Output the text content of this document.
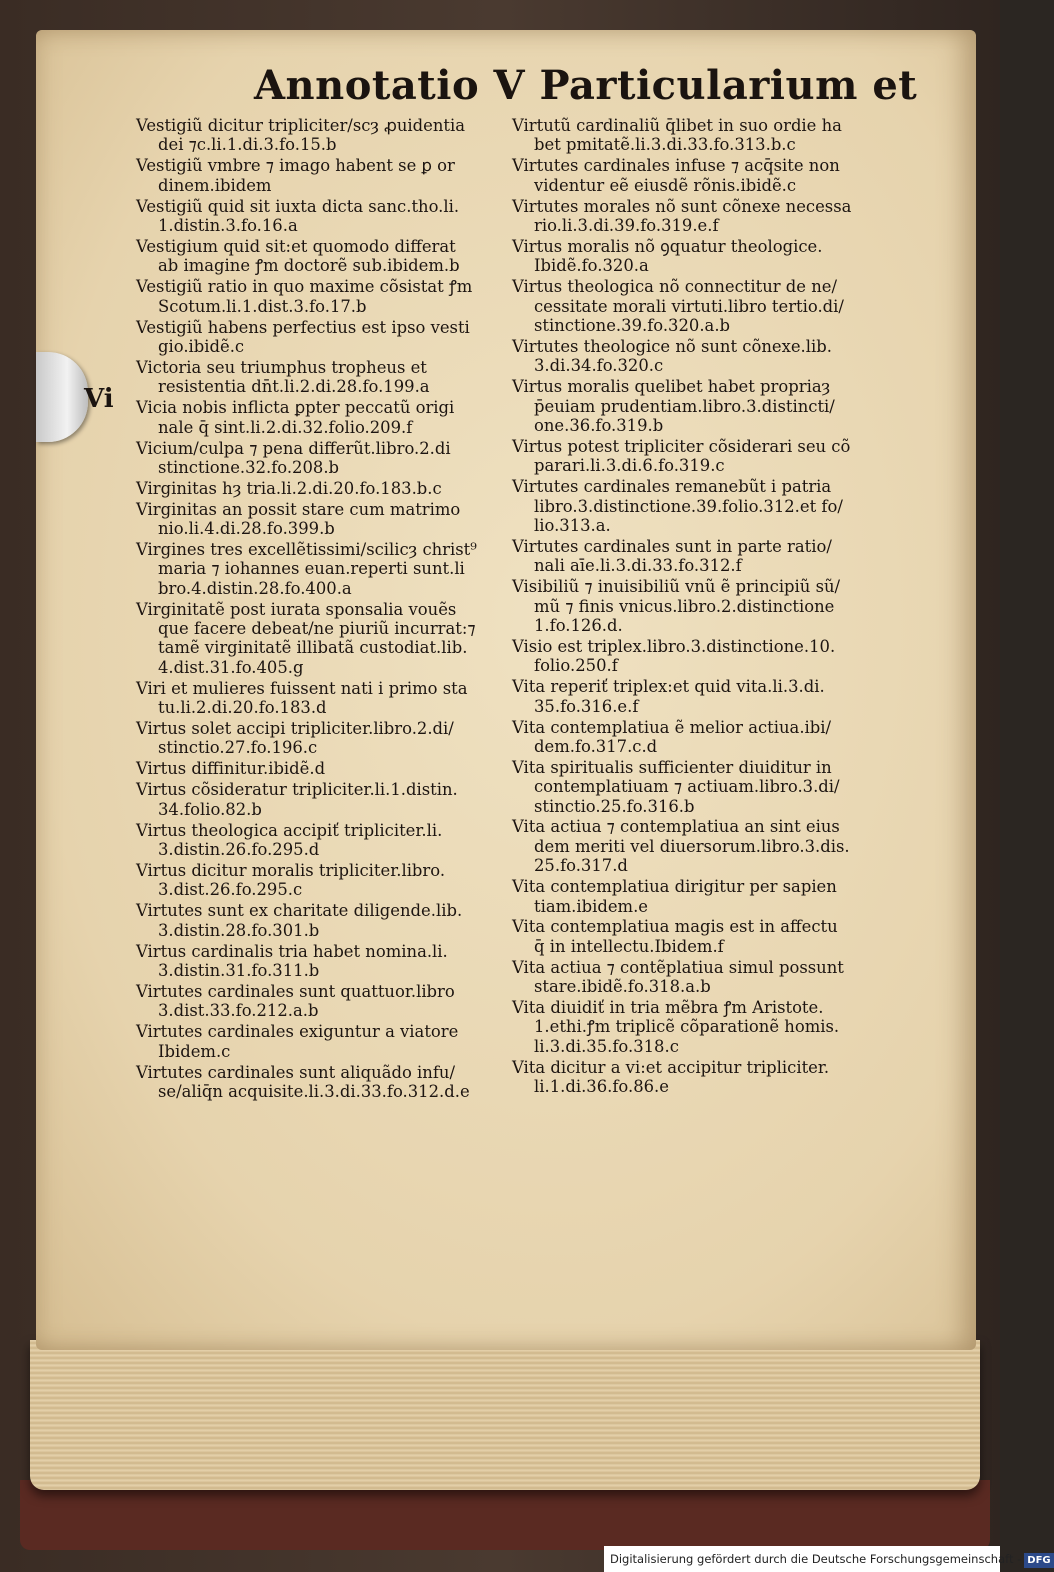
Annotatio V Particularium et
Vi
Vestigiũ dicitur tripliciter/scȝ ꝓuidentia
dei ⁊c.li.1.di.3.fo.15.b
Vestigiũ vmbre ⁊ imago habent se ꝑ or
dinem.ibidem
Vestigiũ quid sit iuxta dicta sanc.tho.li.
1.distin.3.fo.16.a
Vestigium quid sit:et quomodo differat
ab imagine ꝭm doctorẽ sub.ibidem.b
Vestigiũ ratio in quo maxime cõsistat ꝭm
Scotum.li.1.dist.3.fo.17.b
Vestigiũ habens perfectius est ipso vesti
gio.ibidẽ.c
Victoria seu triumphus tropheus et
resistentia dn̄t.li.2.di.28.fo.199.a
Vicia nobis inflicta ꝑpter peccatũ origi
nale q̄ sint.li.2.di.32.folio.209.f
Vicium/culpa ⁊ pena differũt.libro.2.di
stinctione.32.fo.208.b
Virginitas hȝ tria.li.2.di.20.fo.183.b.c
Virginitas an possit stare cum matrimo
nio.li.4.di.28.fo.399.b
Virgines tres excellẽtissimi/scilicȝ christ⁹
maria ⁊ iohannes euan.reperti sunt.li
bro.4.distin.28.fo.400.a
Virginitatẽ post iurata sponsalia vouẽs
que facere debeat/ne piuriũ incurrat:⁊
tamẽ virginitatẽ illibatã custodiat.lib.
4.dist.31.fo.405.g
Viri et mulieres fuissent nati i primo sta
tu.li.2.di.20.fo.183.d
Virtus solet accipi tripliciter.libro.2.di/
stinctio.27.fo.196.c
Virtus diffinitur.ibidẽ.d
Virtus cõsideratur tripliciter.li.1.distin.
34.folio.82.b
Virtus theologica accipiť tripliciter.li.
3.distin.26.fo.295.d
Virtus dicitur moralis tripliciter.libro.
3.dist.26.fo.295.c
Virtutes sunt ex charitate diligende.lib.
3.distin.28.fo.301.b
Virtus cardinalis tria habet nomina.li.
3.distin.31.fo.311.b
Virtutes cardinales sunt quattuor.libro
3.dist.33.fo.212.a.b
Virtutes cardinales exiguntur a viatore
Ibidem.c
Virtutes cardinales sunt aliquãdo infu/
se/aliq̄n acquisite.li.3.di.33.fo.312.d.e
Virtutũ cardinaliũ q̄libet in suo ordie ha
bet pmitatẽ.li.3.di.33.fo.313.b.c
Virtutes cardinales infuse ⁊ acq̄site non
videntur eẽ eiusdẽ rõnis.ibidẽ.c
Virtutes morales nõ sunt cõnexe necessa
rio.li.3.di.39.fo.319.e.f
Virtus moralis nõ ꝯquatur theologice.
Ibidẽ.fo.320.a
Virtus theologica nõ connectitur de ne/
cessitate morali virtuti.libro tertio.di/
stinctione.39.fo.320.a.b
Virtutes theologice nõ sunt cõnexe.lib.
3.di.34.fo.320.c
Virtus moralis quelibet habet propriaȝ
p̄euiam prudentiam.libro.3.distincti/
one.36.fo.319.b
Virtus potest tripliciter cõsiderari seu cõ
parari.li.3.di.6.fo.319.c
Virtutes cardinales remanebũt i patria
libro.3.distinctione.39.folio.312.et fo/
lio.313.a.
Virtutes cardinales sunt in parte ratio/
nali aīe.li.3.di.33.fo.312.f
Visibiliũ ⁊ inuisibiliũ vnũ ẽ principiũ sũ/
mũ ⁊ finis vnicus.libro.2.distinctione
1.fo.126.d.
Visio est triplex.libro.3.distinctione.10.
folio.250.f
Vita reperiť triplex:et quid vita.li.3.di.
35.fo.316.e.f
Vita contemplatiua ẽ melior actiua.ibi/
dem.fo.317.c.d
Vita spiritualis sufficienter diuiditur in
contemplatiuam ⁊ actiuam.libro.3.di/
stinctio.25.fo.316.b
Vita actiua ⁊ contemplatiua an sint eius
dem meriti vel diuersorum.libro.3.dis.
25.fo.317.d
Vita contemplatiua dirigitur per sapien
tiam.ibidem.e
Vita contemplatiua magis est in affectu
q̄ in intellectu.Ibidem.f
Vita actiua ⁊ contẽplatiua simul possunt
stare.ibidẽ.fo.318.a.b
Vita diuidiť in tria mẽbra ꝭm Aristote.
1.ethi.ꝭm triplicẽ cõparationẽ homis.
li.3.di.35.fo.318.c
Vita dicitur a vi:et accipitur tripliciter.
li.1.di.36.fo.86.e
Digitalisierung gefördert durch die Deutsche Forschungsgemeinschaft - DFG
